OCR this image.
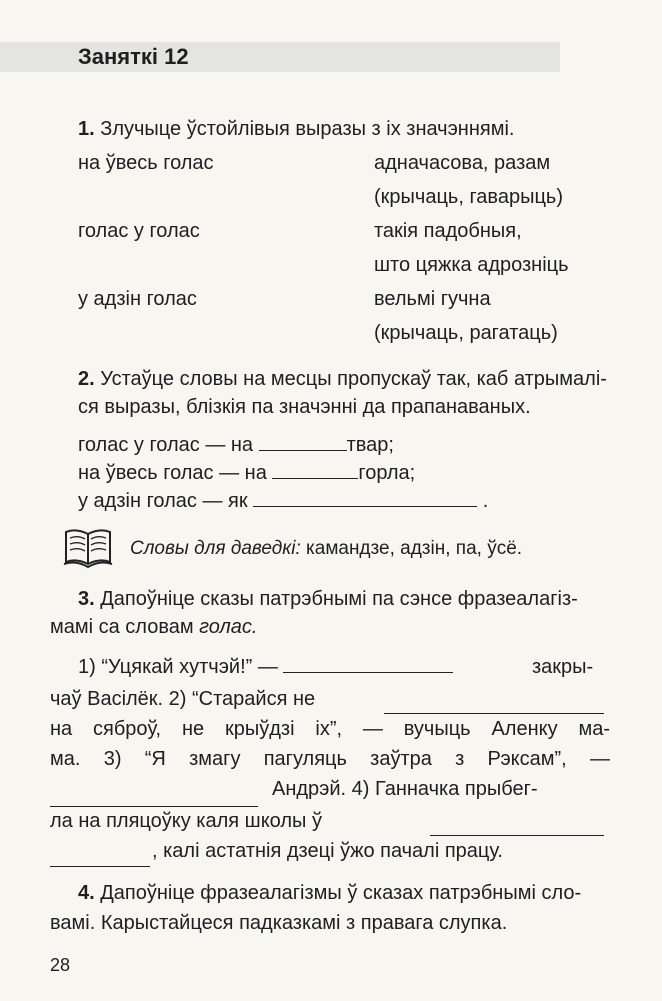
Заняткі 12
1. Злучыце ўстойлівыя выразы з іх значэннямі.
на ўвесь голас	адначасова, разам
(крычаць, гаварыць)
голас у голас	такія падобныя,
што цяжка адрозніць
у адзін голас	вельмі гучна
(крычаць, рагатаць)
2. Устаўце словы на месцы пропускаў так, каб атрымалі-
ся выразы, блізкія па значэнні да прапанаваных.
голас у голас — на	твар;
на ўвесь голас — на	горла;
у адзін голас — як	.
Словы для даведкі: камандзе, адзін, па, ўсё.
3. Дапоўніце сказы патрэбнымі па сэнсе фразеалагіз-
мамі са словам голас.
1) “Уцякай хутчэй!” —	закры-
чаў Васілёк. 2) “Старайся не
на сяброў, не крыўдзі іх”, — вучыць Аленку ма-
ма. 3) “Я змагу пагуляць заўтра з Рэксам”, —
Андрэй. 4) Ганначка прыбег-
ла на пляцоўку каля школы ў
, калі астатнія дзеці ўжо пачалі працу.
4. Дапоўніце фразеалагізмы ў сказах патрэбнымі сло-
вамі. Карыстайцеся падказкамі з правага слупка.
28
